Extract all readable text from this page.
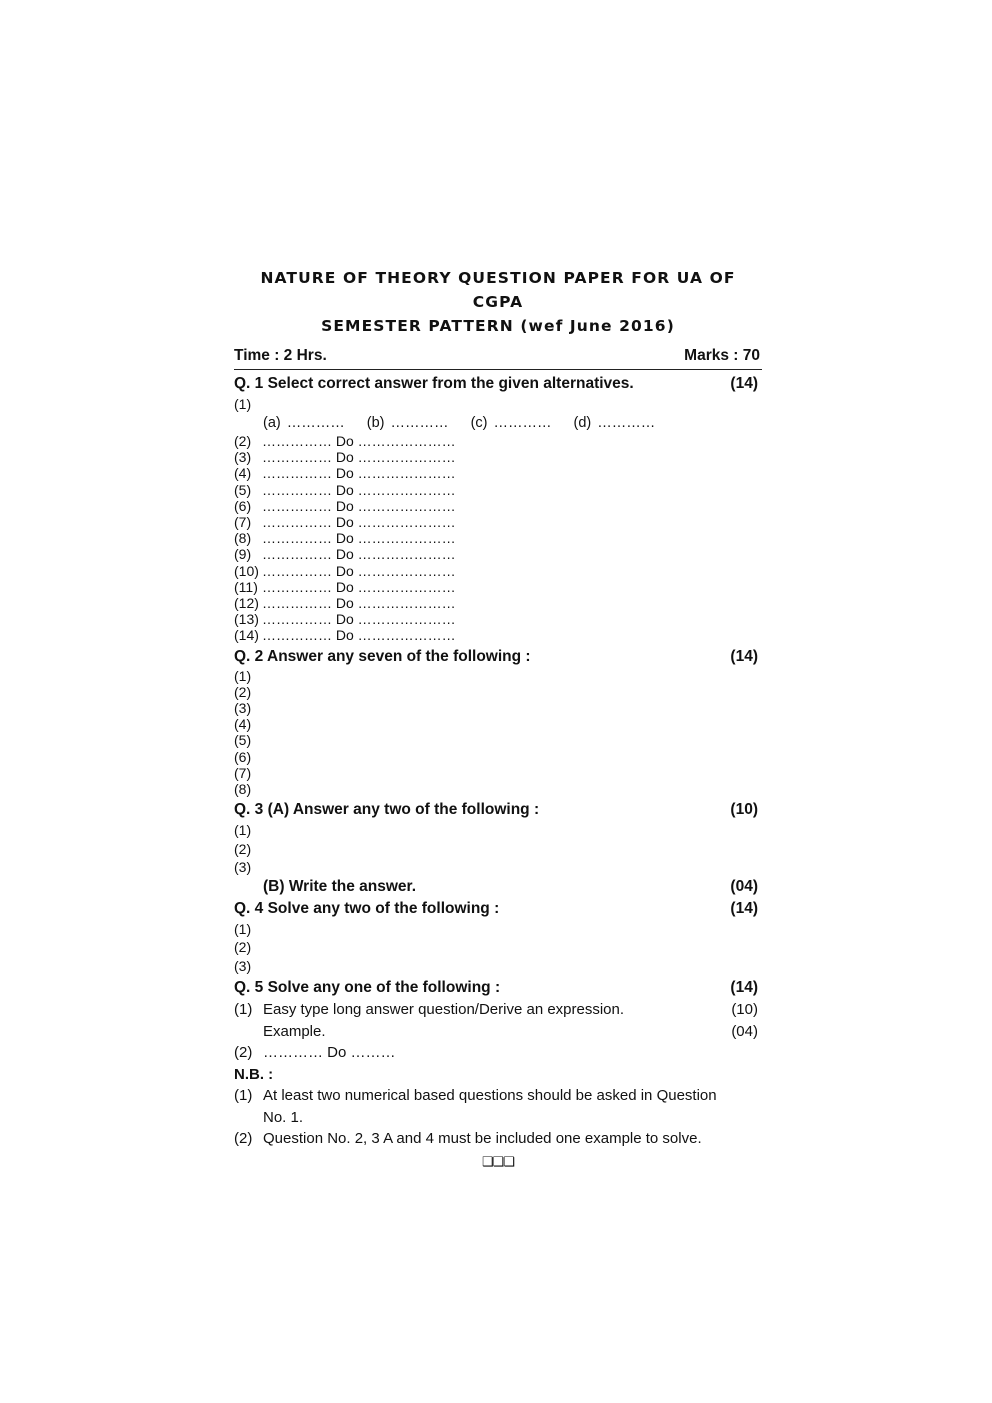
NATURE OF THEORY QUESTION PAPER FOR UA OF CGPA
SEMESTER PATTERN (wef June 2016)
Time : 2 Hrs.	Marks : 70
Q. 1 Select correct answer from the given alternatives.	(14)
(1)
(a) ………… (b) ………… (c) ………… (d) …………
(2) …………… Do …………………
(3) …………… Do …………………
(4) …………… Do …………………
(5) …………… Do …………………
(6) …………… Do …………………
(7) …………… Do …………………
(8) …………… Do …………………
(9) …………… Do …………………
(10) …………… Do …………………
(11) …………… Do …………………
(12) …………… Do …………………
(13) …………… Do …………………
(14) …………… Do …………………
Q. 2 Answer any seven of the following :	(14)
(1)
(2)
(3)
(4)
(5)
(6)
(7)
(8)
Q. 3 (A) Answer any two of the following :	(10)
(1)
(2)
(3)
(B) Write the answer.	(04)
Q. 4 Solve any two of the following :	(14)
(1)
(2)
(3)
Q. 5 Solve any one of the following :	(14)
(1) Easy type long answer question/Derive an expression.	(10)
Example.	(04)
(2) ………… Do ………
N.B. :
(1) At least two numerical based questions should be asked in Question No. 1.
(2) Question No. 2, 3 A and 4 must be included one example to solve.
❑❑❑
